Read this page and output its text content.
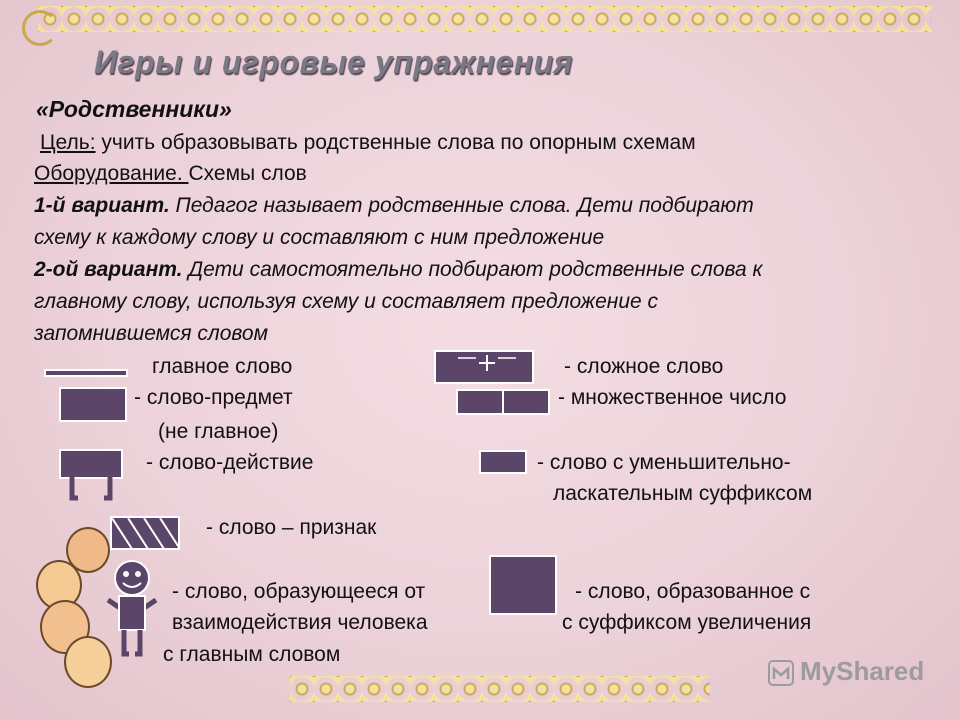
Игры и игровые упражнения
«Родственники»
Цель: учить образовывать родственные слова по опорным схемам
Оборудование. Схемы слов
1-й вариант. Педагог называет родственные слова. Дети подбирают
схему к каждому слову и составляют с ним предложение
2-ой вариант. Дети самостоятельно подбирают родственные слова к
главному слову, используя схему и составляет предложение с
запомнившемся словом
главное слово	- сложное слово
- слово-предмет
(не главное)
- множественное число
- слово-действие	- слово с уменьшительно-
ласкательным суффиксом
- слово – признак
- слово, образующееся от
взаимодействия человека
с главным словом
- слово, образованное с
с суффиксом увеличения
MyShared
